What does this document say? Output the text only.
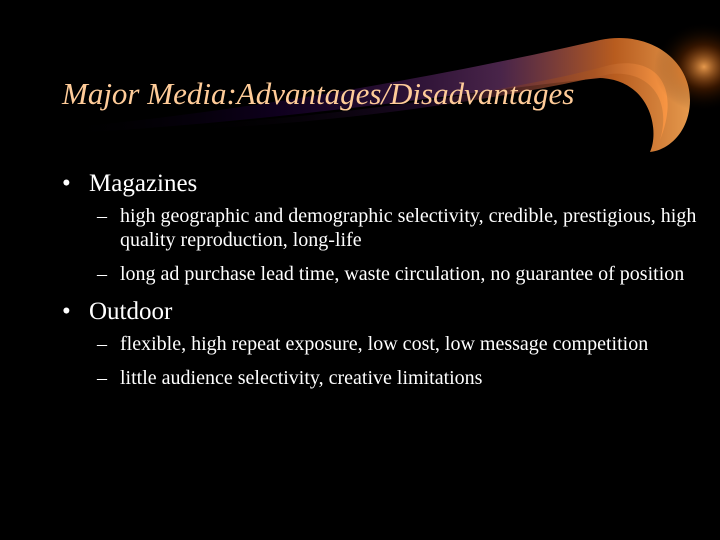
Major Media:Advantages/Disadvantages

• Magazines

– high geographic and demographic selectivity, credible, prestigious, high quality reproduction, long-life

– long ad purchase lead time, waste circulation, no guarantee of position

• Outdoor

– flexible, high repeat exposure, low cost, low message competition

– little audience selectivity, creative limitations
